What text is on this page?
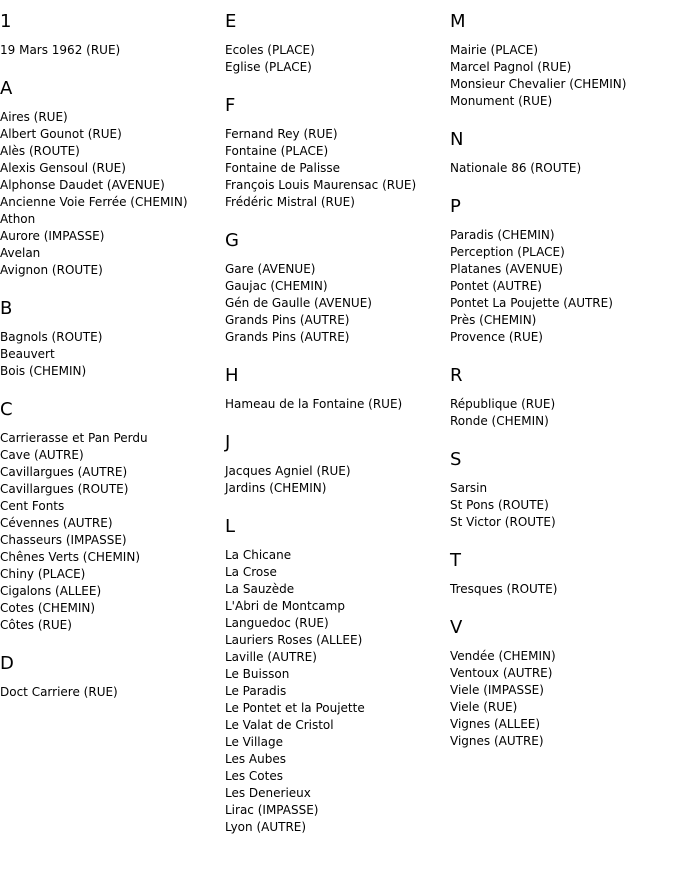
1
19 Mars 1962 (RUE)
A
Aires (RUE)
Albert Gounot (RUE)
Alès (ROUTE)
Alexis Gensoul (RUE)
Alphonse Daudet (AVENUE)
Ancienne Voie Ferrée (CHEMIN)
Athon
Aurore (IMPASSE)
Avelan
Avignon (ROUTE)
B
Bagnols (ROUTE)
Beauvert
Bois (CHEMIN)
C
Carrierasse et Pan Perdu
Cave (AUTRE)
Cavillargues (AUTRE)
Cavillargues (ROUTE)
Cent Fonts
Cévennes (AUTRE)
Chasseurs (IMPASSE)
Chênes Verts (CHEMIN)
Chiny (PLACE)
Cigalons (ALLEE)
Cotes (CHEMIN)
Côtes (RUE)
D
Doct Carriere (RUE)
E
Ecoles (PLACE)
Eglise (PLACE)
F
Fernand Rey (RUE)
Fontaine (PLACE)
Fontaine de Palisse
François Louis Maurensac (RUE)
Frédéric Mistral (RUE)
G
Gare (AVENUE)
Gaujac (CHEMIN)
Gén de Gaulle (AVENUE)
Grands Pins (AUTRE)
Grands Pins (AUTRE)
H
Hameau de la Fontaine (RUE)
J
Jacques Agniel (RUE)
Jardins (CHEMIN)
L
La Chicane
La Crose
La Sauzède
L'Abri de Montcamp
Languedoc (RUE)
Lauriers Roses (ALLEE)
Laville (AUTRE)
Le Buisson
Le Paradis
Le Pontet et la Poujette
Le Valat de Cristol
Le Village
Les Aubes
Les Cotes
Les Denerieux
Lirac (IMPASSE)
Lyon (AUTRE)
M
Mairie (PLACE)
Marcel Pagnol (RUE)
Monsieur Chevalier (CHEMIN)
Monument (RUE)
N
Nationale 86 (ROUTE)
P
Paradis (CHEMIN)
Perception (PLACE)
Platanes (AVENUE)
Pontet (AUTRE)
Pontet La Poujette (AUTRE)
Près (CHEMIN)
Provence (RUE)
R
République (RUE)
Ronde (CHEMIN)
S
Sarsin
St Pons (ROUTE)
St Victor (ROUTE)
T
Tresques (ROUTE)
V
Vendée (CHEMIN)
Ventoux (AUTRE)
Viele (IMPASSE)
Viele (RUE)
Vignes (ALLEE)
Vignes (AUTRE)
